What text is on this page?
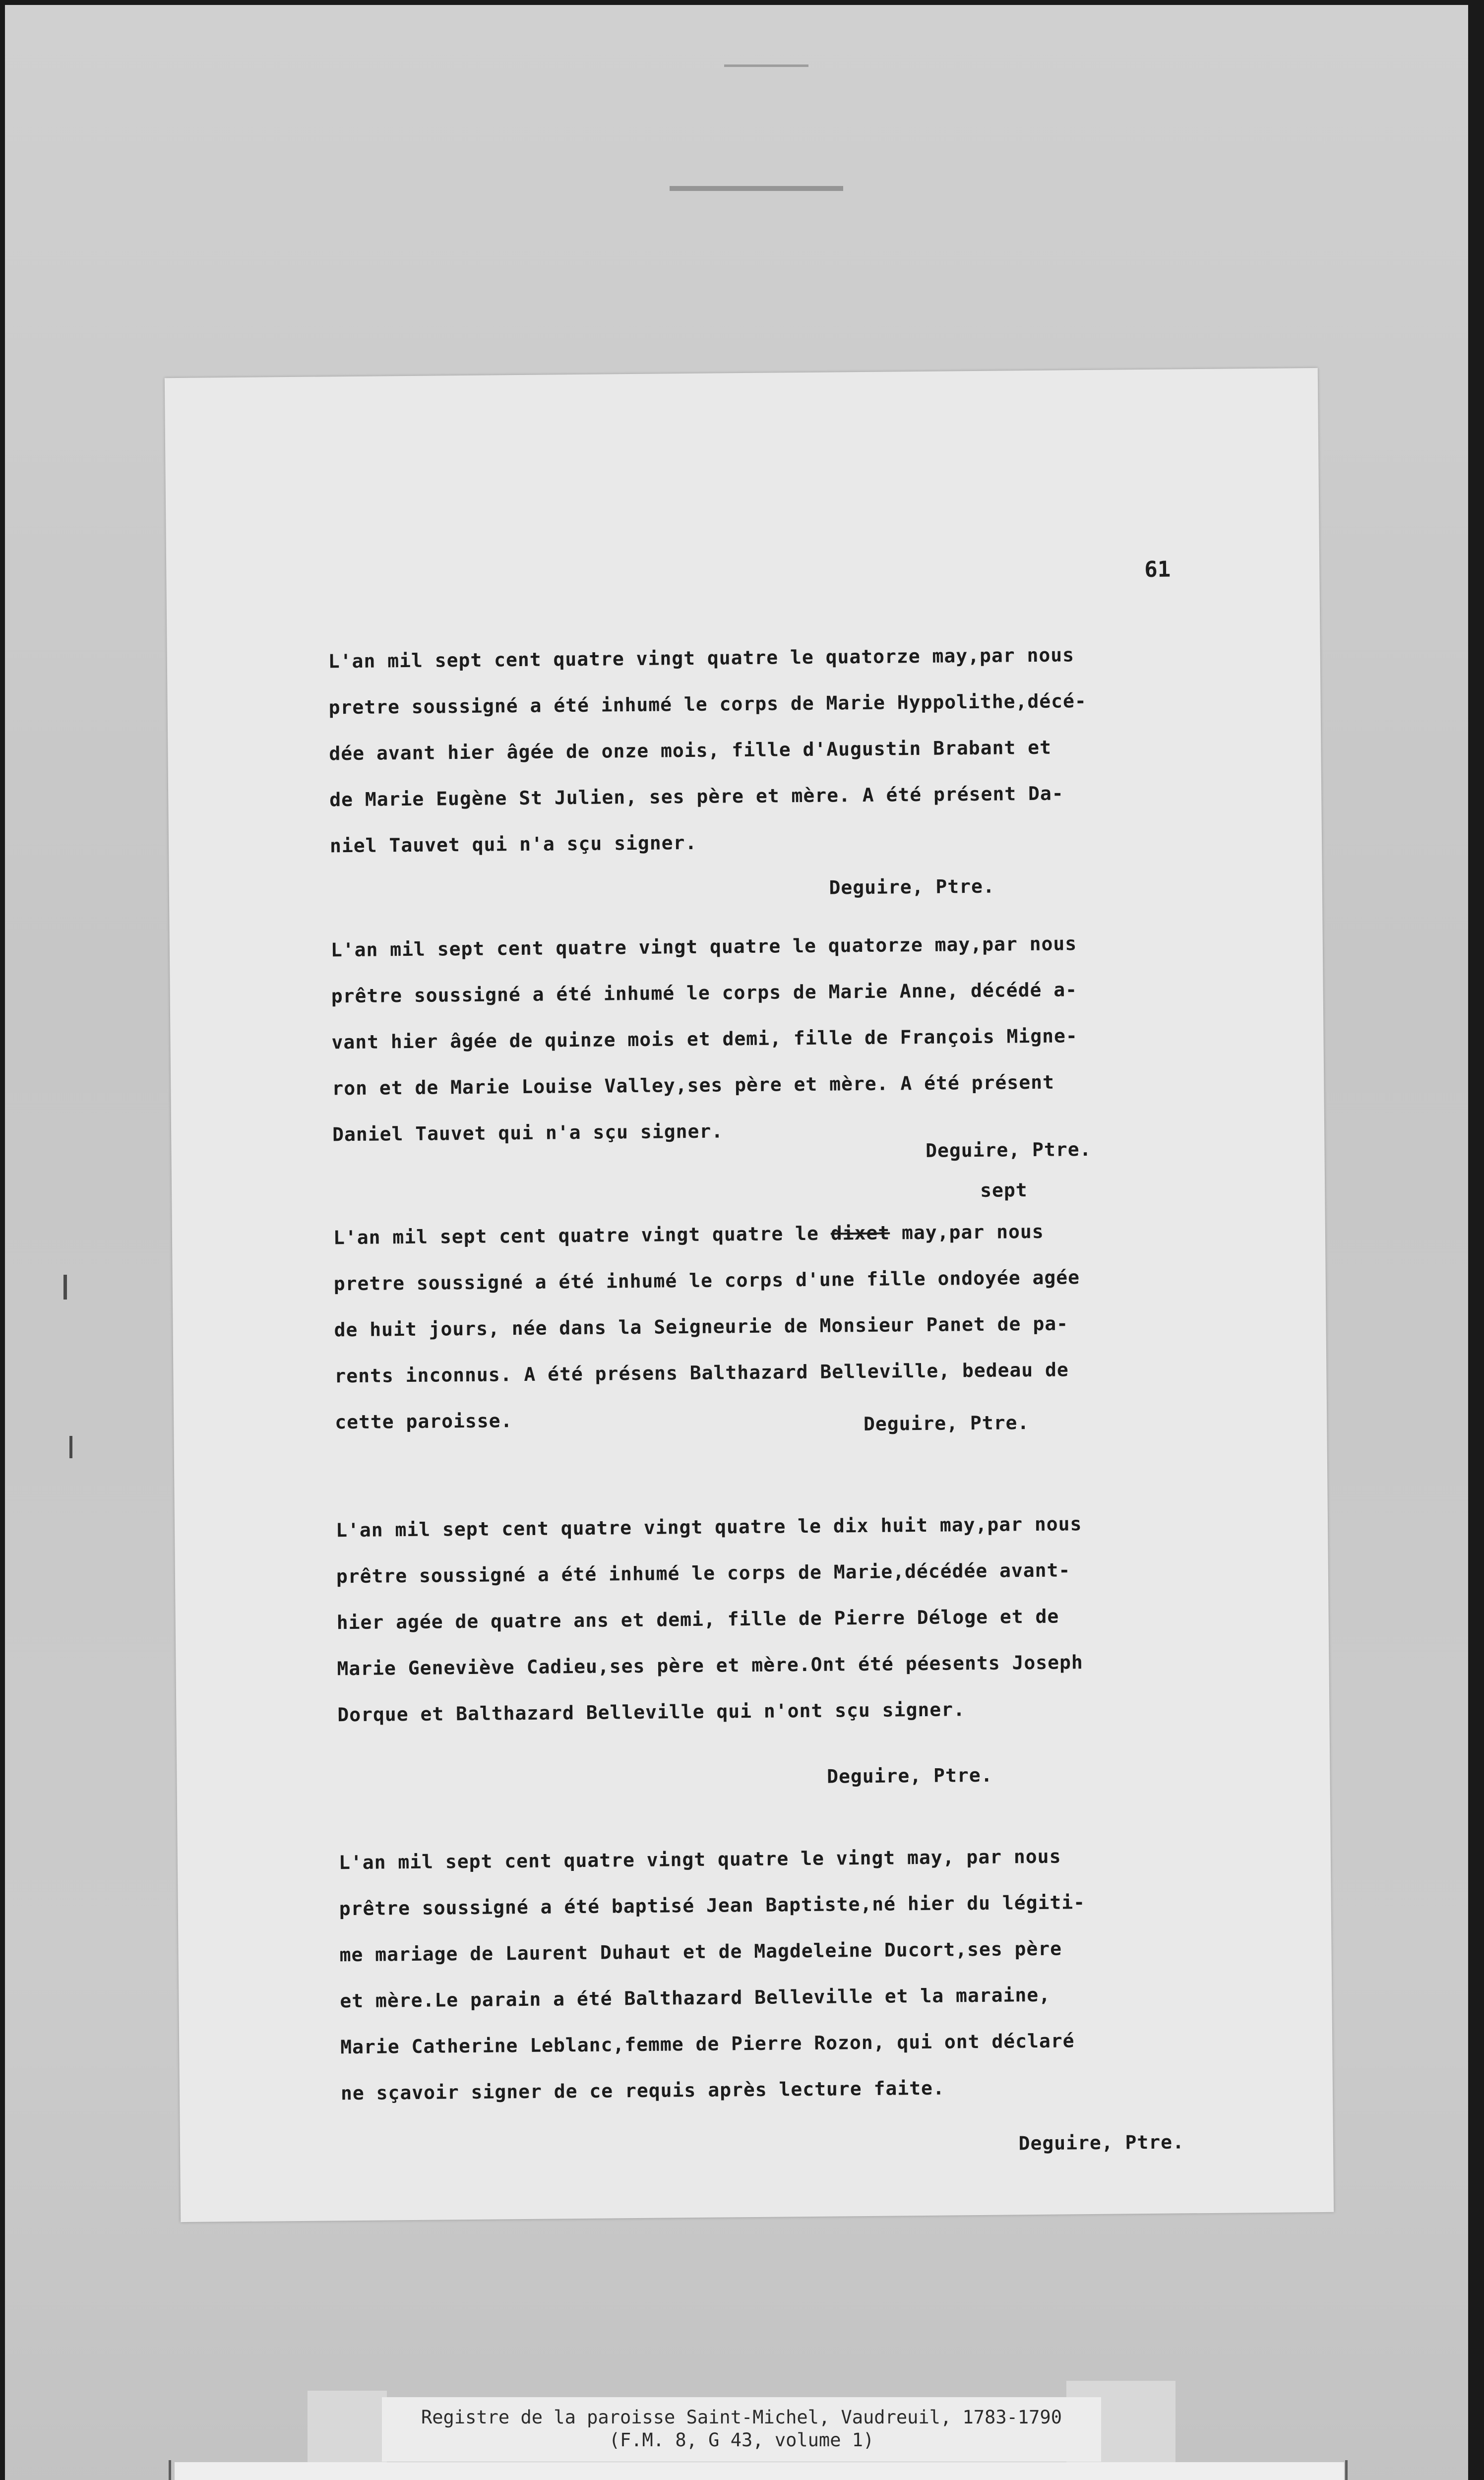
61
L'an mil sept cent quatre vingt quatre le quatorze may,par nous
pretre soussigné a été inhumé le corps de Marie Hyppolithe,décé-
dée avant hier âgée de onze mois, fille d'Augustin Brabant et
de Marie Eugène St Julien, ses père et mère. A été présent Da-
niel Tauvet qui n'a sçu signer.
Deguire, Ptre.
L'an mil sept cent quatre vingt quatre le quatorze may,par nous
prêtre soussigné a été inhumé le corps de Marie Anne, décédé a-
vant hier âgée de quinze mois et demi, fille de François Migne-
ron et de Marie Louise Valley,ses père et mère. A été présent
Daniel Tauvet qui n'a sçu signer.
Deguire, Ptre.
sept
L'an mil sept cent quatre vingt quatre le dixet may,par nous
pretre soussigné a été inhumé le corps d'une fille ondoyée agée
de huit jours, née dans la Seigneurie de Monsieur Panet de pa-
rents inconnus. A été présens Balthazard Belleville, bedeau de
cette paroisse.	Deguire, Ptre.
L'an mil sept cent quatre vingt quatre le dix huit may,par nous
prêtre soussigné a été inhumé le corps de Marie,décédée avant-
hier agée de quatre ans et demi, fille de Pierre Déloge et de
Marie Geneviève Cadieu,ses père et mère.Ont été péesents Joseph
Dorque et Balthazard Belleville qui n'ont sçu signer.
Deguire, Ptre.
L'an mil sept cent quatre vingt quatre le vingt may, par nous
prêtre soussigné a été baptisé Jean Baptiste,né hier du légiti-
me mariage de Laurent Duhaut et de Magdeleine Ducort,ses père
et mère.Le parain a été Balthazard Belleville et la maraine,
Marie Catherine Leblanc,femme de Pierre Rozon, qui ont déclaré
ne sçavoir signer de ce requis après lecture faite.
Deguire, Ptre.
Registre de la paroisse Saint-Michel, Vaudreuil, 1783-1790
(F.M. 8, G 43, volume 1)
